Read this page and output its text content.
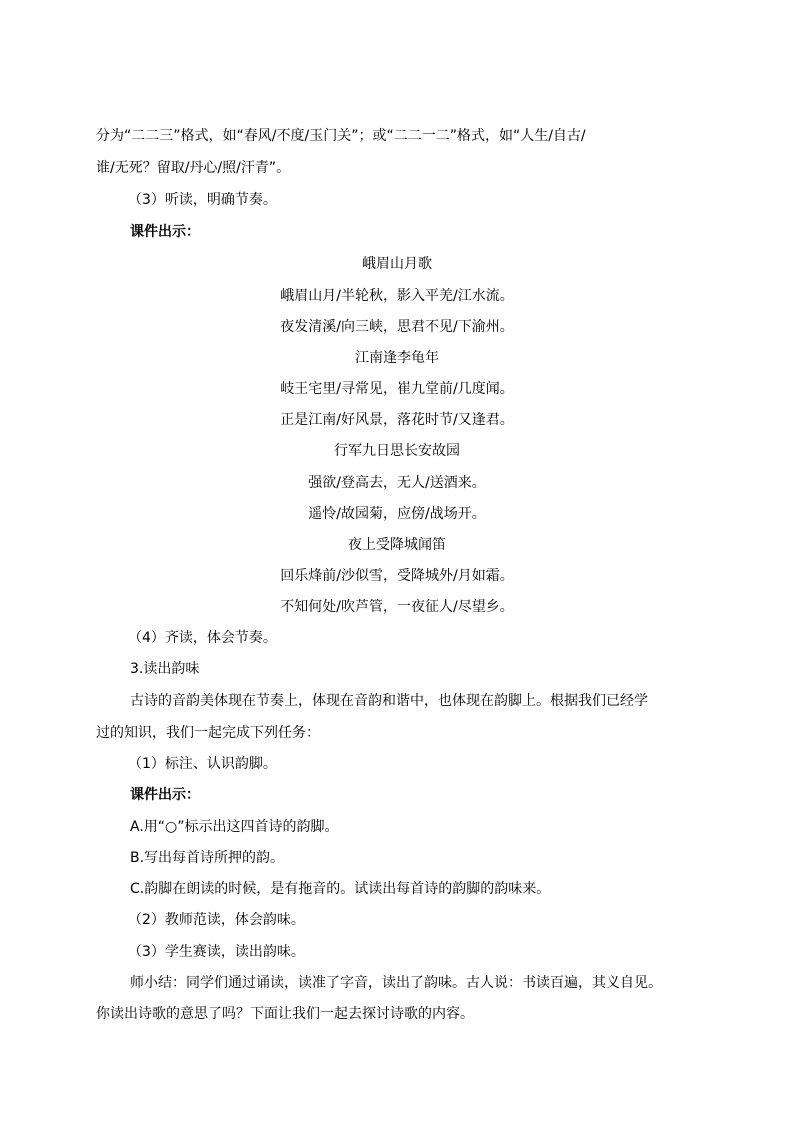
分为“二二三”格式，如“春风/不度/玉门关”；或“二二一二”格式，如“人生/自古/
谁/无死？留取/丹心/照/汗青”。
（3）听读，明确节奏。
课件出示：
峨眉山月歌
峨眉山月/半轮秋，影入平羌/江水流。
夜发清溪/向三峡，思君不见/下渝州。
江南逢李龟年
岐王宅里/寻常见，崔九堂前/几度闻。
正是江南/好风景，落花时节/又逢君。
行军九日思长安故园
强欲/登高去，无人/送酒来。
遥怜/故园菊，应傍/战场开。
夜上受降城闻笛
回乐烽前/沙似雪，受降城外/月如霜。
不知何处/吹芦管，一夜征人/尽望乡。
（4）齐读，体会节奏。
3.读出韵味
古诗的音韵美体现在节奏上，体现在音韵和谐中，也体现在韵脚上。根据我们已经学
过的知识，我们一起完成下列任务：
（1）标注、认识韵脚。
课件出示：
A.用“○”标示出这四首诗的韵脚。
B.写出每首诗所押的韵。
C.韵脚在朗读的时候，是有拖音的。试读出每首诗的韵脚的韵味来。
（2）教师范读，体会韵味。
（3）学生赛读，读出韵味。
师小结：同学们通过诵读，读准了字音，读出了韵味。古人说：书读百遍，其义自见。
你读出诗歌的意思了吗？下面让我们一起去探讨诗歌的内容。
